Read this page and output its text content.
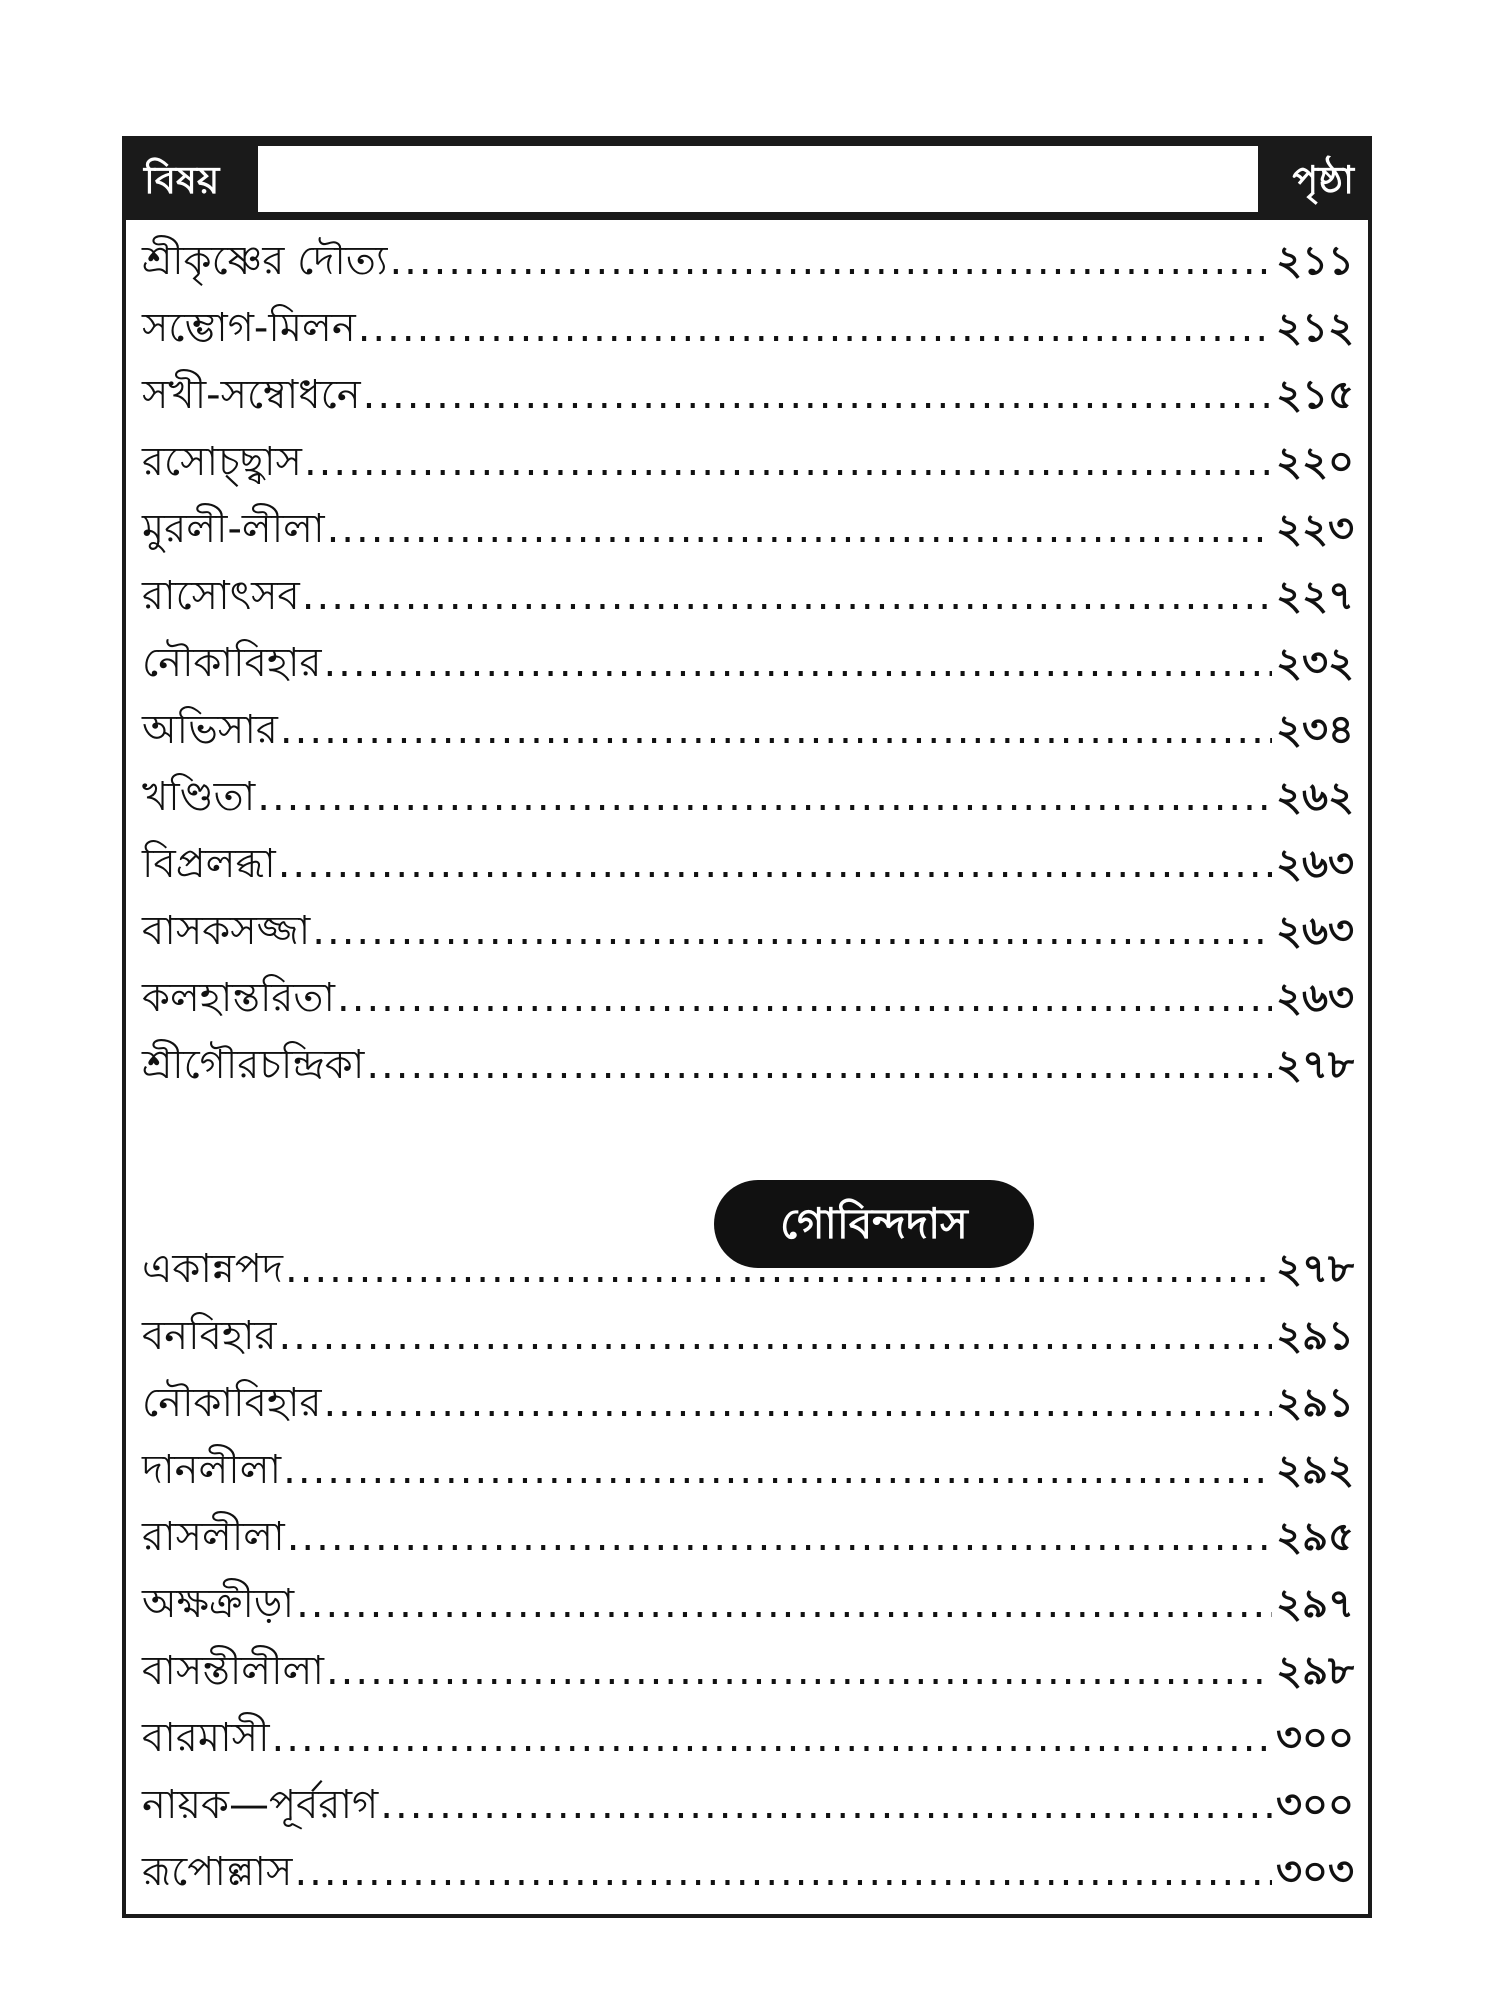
বিষয়	পৃষ্ঠা
শ্রীকৃষ্ণের দৌত্য .....	২১১
সম্ভোগ-মিলন .....	২১২
সখী-সম্বোধনে .....	২১৫
রসোচ্ছ্বাস .....	২২০
মুরলী-লীলা .....	২২৩
রাসোৎসব .....	২২৭
নৌকাবিহার .....	২৩২
অভিসার .....	২৩৪
খণ্ডিতা .....	২৬২
বিপ্রলব্ধা .....	২৬৩
বাসকসজ্জা .....	২৬৩
কলহান্তরিতা .....	২৬৩
শ্রীগৌরচন্দ্রিকা .....	২৭৮
গোবিন্দদাস
একান্নপদ .....	২৭৮
বনবিহার .....	২৯১
নৌকাবিহার .....	২৯১
দানলীলা .....	২৯২
রাসলীলা .....	২৯৫
অক্ষক্রীড়া .....	২৯৭
বাসন্তীলীলা .....	২৯৮
বারমাসী .....	৩০০
নায়ক—পূর্বরাগ .....	৩০০
রূপোল্লাস .....	৩০৩
